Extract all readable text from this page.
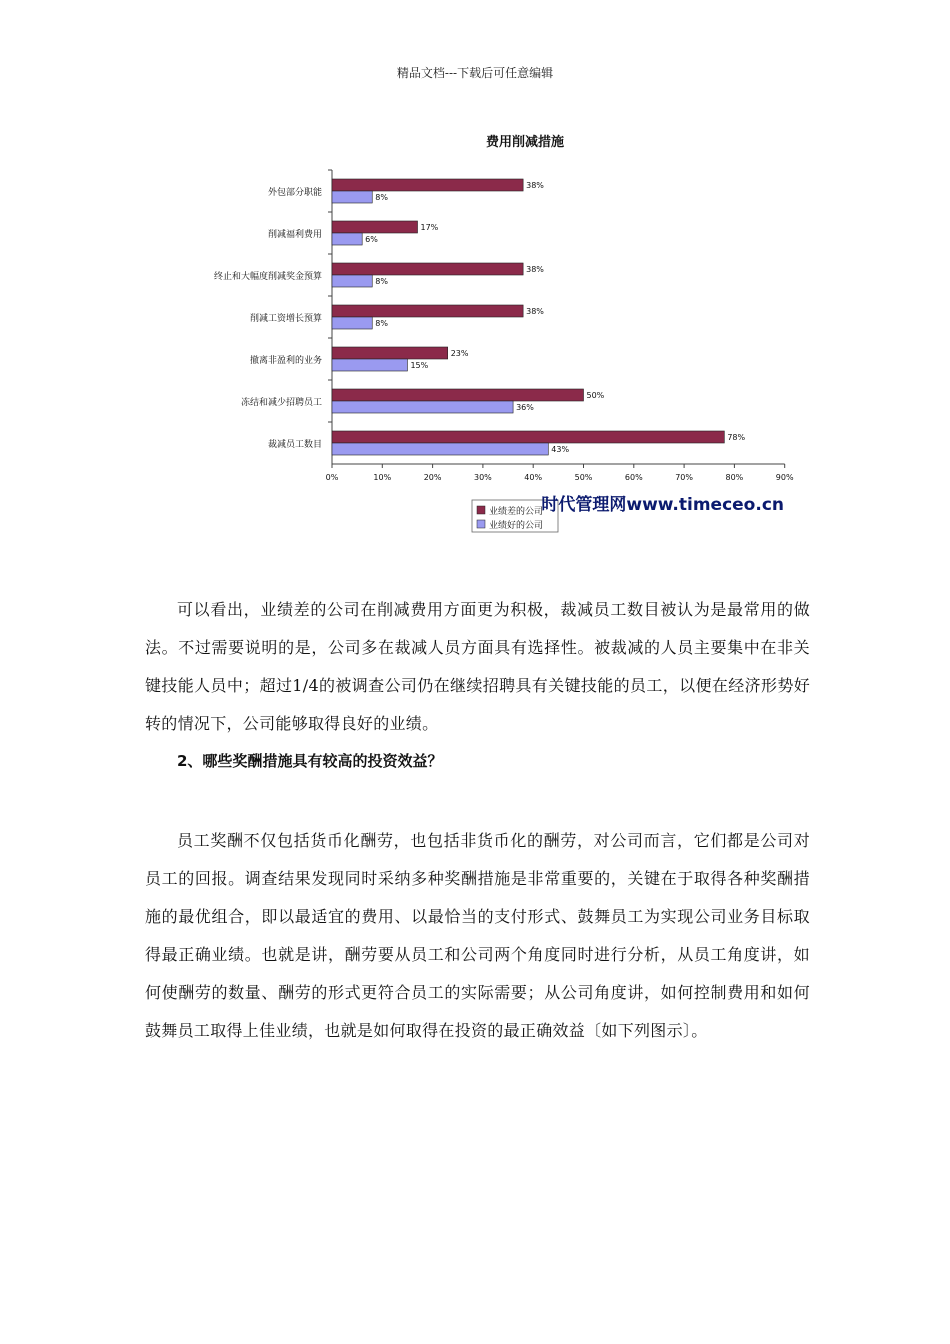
精品文档---下载后可任意编辑
费用削减措施
0%	10%	20%	30%	40%	50%	60%	70%	80%	90%
外包部分职能
38%
8%
削减福利费用
17%
6%
终止和大幅度削减奖金预算
38%
8%
削减工资增长预算
38%
8%
撤离非盈利的业务
23%
15%
冻结和减少招聘员工
50%
36%
裁减员工数目
78%
43%
业绩差的公司
业绩好的公司
时代管理网www.timeceo.cn
可以看出，业绩差的公司在削减费用方面更为积极，裁减员工数目被认为是最常用的做法。不过需要说明的是，公司多在裁减人员方面具有选择性。被裁减的人员主要集中在非关键技能人员中；超过1/4的被调查公司仍在继续招聘具有关键技能的员工，以便在经济形势好转的情况下，公司能够取得良好的业绩。
2、哪些奖酬措施具有较高的投资效益？
员工奖酬不仅包括货币化酬劳，也包括非货币化的酬劳，对公司而言，它们都是公司对员工的回报。调查结果发现同时采纳多种奖酬措施是非常重要的，关键在于取得各种奖酬措施的最优组合，即以最适宜的费用、以最恰当的支付形式、鼓舞员工为实现公司业务目标取得最正确业绩。也就是讲，酬劳要从员工和公司两个角度同时进行分析，从员工角度讲，如何使酬劳的数量、酬劳的形式更符合员工的实际需要；从公司角度讲，如何控制费用和如何鼓舞员工取得上佳业绩，也就是如何取得在投资的最正确效益〔如下列图示〕。
